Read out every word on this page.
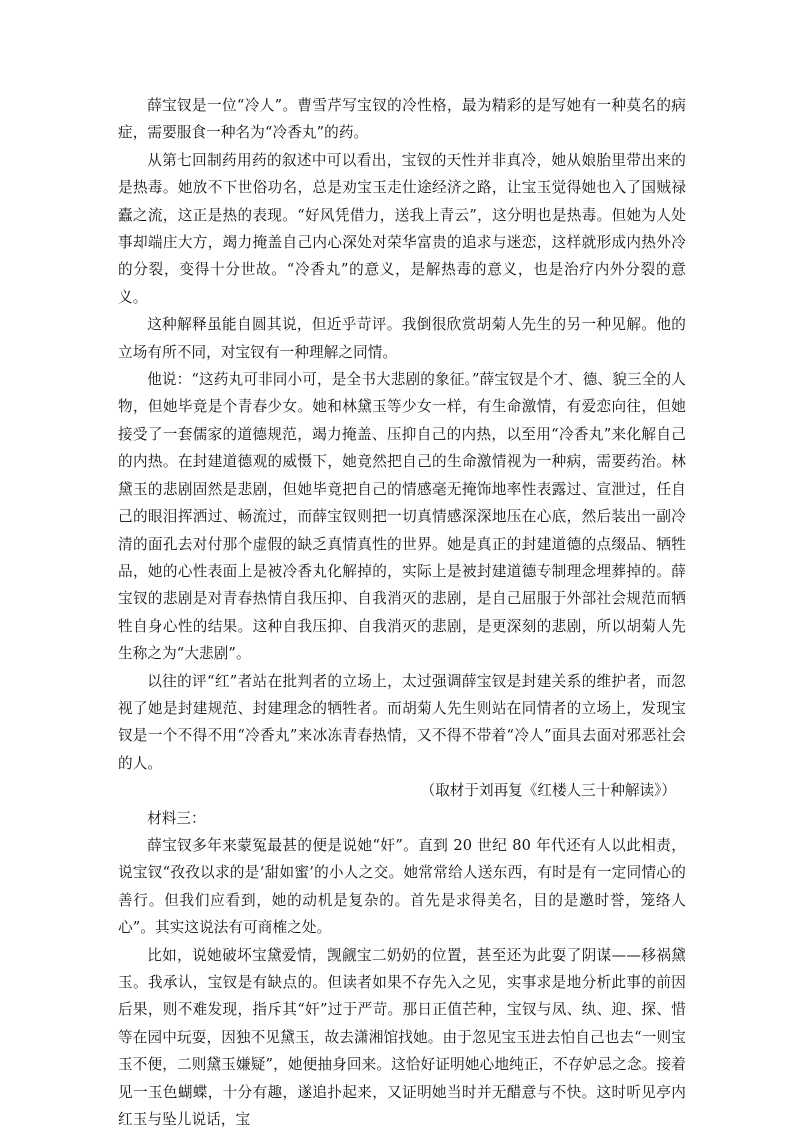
薛宝钗是一位“冷人”。曹雪芹写宝钗的冷性格，最为精彩的是写她有一种莫名的病症，需要服食一种名为“冷香丸”的药。

从第七回制药用药的叙述中可以看出，宝钗的天性并非真冷，她从娘胎里带出来的是热毒。她放不下世俗功名，总是劝宝玉走仕途经济之路，让宝玉觉得她也入了国贼禄蠹之流，这正是热的表现。“好风凭借力，送我上青云”，这分明也是热毒。但她为人处事却端庄大方，竭力掩盖自己内心深处对荣华富贵的追求与迷恋，这样就形成内热外冷的分裂，变得十分世故。“冷香丸”的意义，是解热毒的意义，也是治疗内外分裂的意义。

这种解释虽能自圆其说，但近乎苛评。我倒很欣赏胡菊人先生的另一种见解。他的立场有所不同，对宝钗有一种理解之同情。

他说：“这药丸可非同小可，是全书大悲剧的象征。”薛宝钗是个才、德、貌三全的人物，但她毕竟是个青春少女。她和林黛玉等少女一样，有生命激情，有爱恋向往，但她接受了一套儒家的道德规范，竭力掩盖、压抑自己的内热，以至用“冷香丸”来化解自己的内热。在封建道德观的威慑下，她竟然把自己的生命激情视为一种病，需要药治。林黛玉的悲剧固然是悲剧，但她毕竟把自己的情感毫无掩饰地率性表露过、宣泄过，任自己的眼泪挥洒过、畅流过，而薛宝钗则把一切真情感深深地压在心底，然后装出一副冷清的面孔去对付那个虚假的缺乏真情真性的世界。她是真正的封建道德的点缀品、牺牲品，她的心性表面上是被冷香丸化解掉的，实际上是被封建道德专制理念埋葬掉的。薛宝钗的悲剧是对青春热情自我压抑、自我消灭的悲剧，是自己屈服于外部社会规范而牺牲自身心性的结果。这种自我压抑、自我消灭的悲剧，是更深刻的悲剧，所以胡菊人先生称之为“大悲剧”。

以往的评“红”者站在批判者的立场上，太过强调薛宝钗是封建关系的维护者，而忽视了她是封建规范、封建理念的牺牲者。而胡菊人先生则站在同情者的立场上，发现宝钗是一个不得不用“冷香丸”来冰冻青春热情，又不得不带着“冷人”面具去面对邪恶社会的人。

（取材于刘再复《红楼人三十种解读》）

材料三：

薛宝钗多年来蒙冤最甚的便是说她“奸”。直到 20 世纪 80 年代还有人以此相责，说宝钗“孜孜以求的是‘甜如蜜’的小人之交。她常常给人送东西，有时是有一定同情心的善行。但我们应看到，她的动机是复杂的。首先是求得美名，目的是邀时誉，笼络人心”。其实这说法有可商榷之处。

比如，说她破坏宝黛爱情，觊觎宝二奶奶的位置，甚至还为此耍了阴谋——移祸黛玉。我承认，宝钗是有缺点的。但读者如果不存先入之见，实事求是地分析此事的前因后果，则不难发现，指斥其“奸”过于严苛。那日正值芒种，宝钗与凤、纨、迎、探、惜等在园中玩耍，因独不见黛玉，故去潇湘馆找她。由于忽见宝玉进去怕自己也去“一则宝玉不便，二则黛玉嫌疑”，她便抽身回来。这恰好证明她心地纯正，不存妒忌之念。接着见一玉色蝴蝶，十分有趣，遂追扑起来，又证明她当时并无醋意与不快。这时听见亭内红玉与坠儿说话，宝
